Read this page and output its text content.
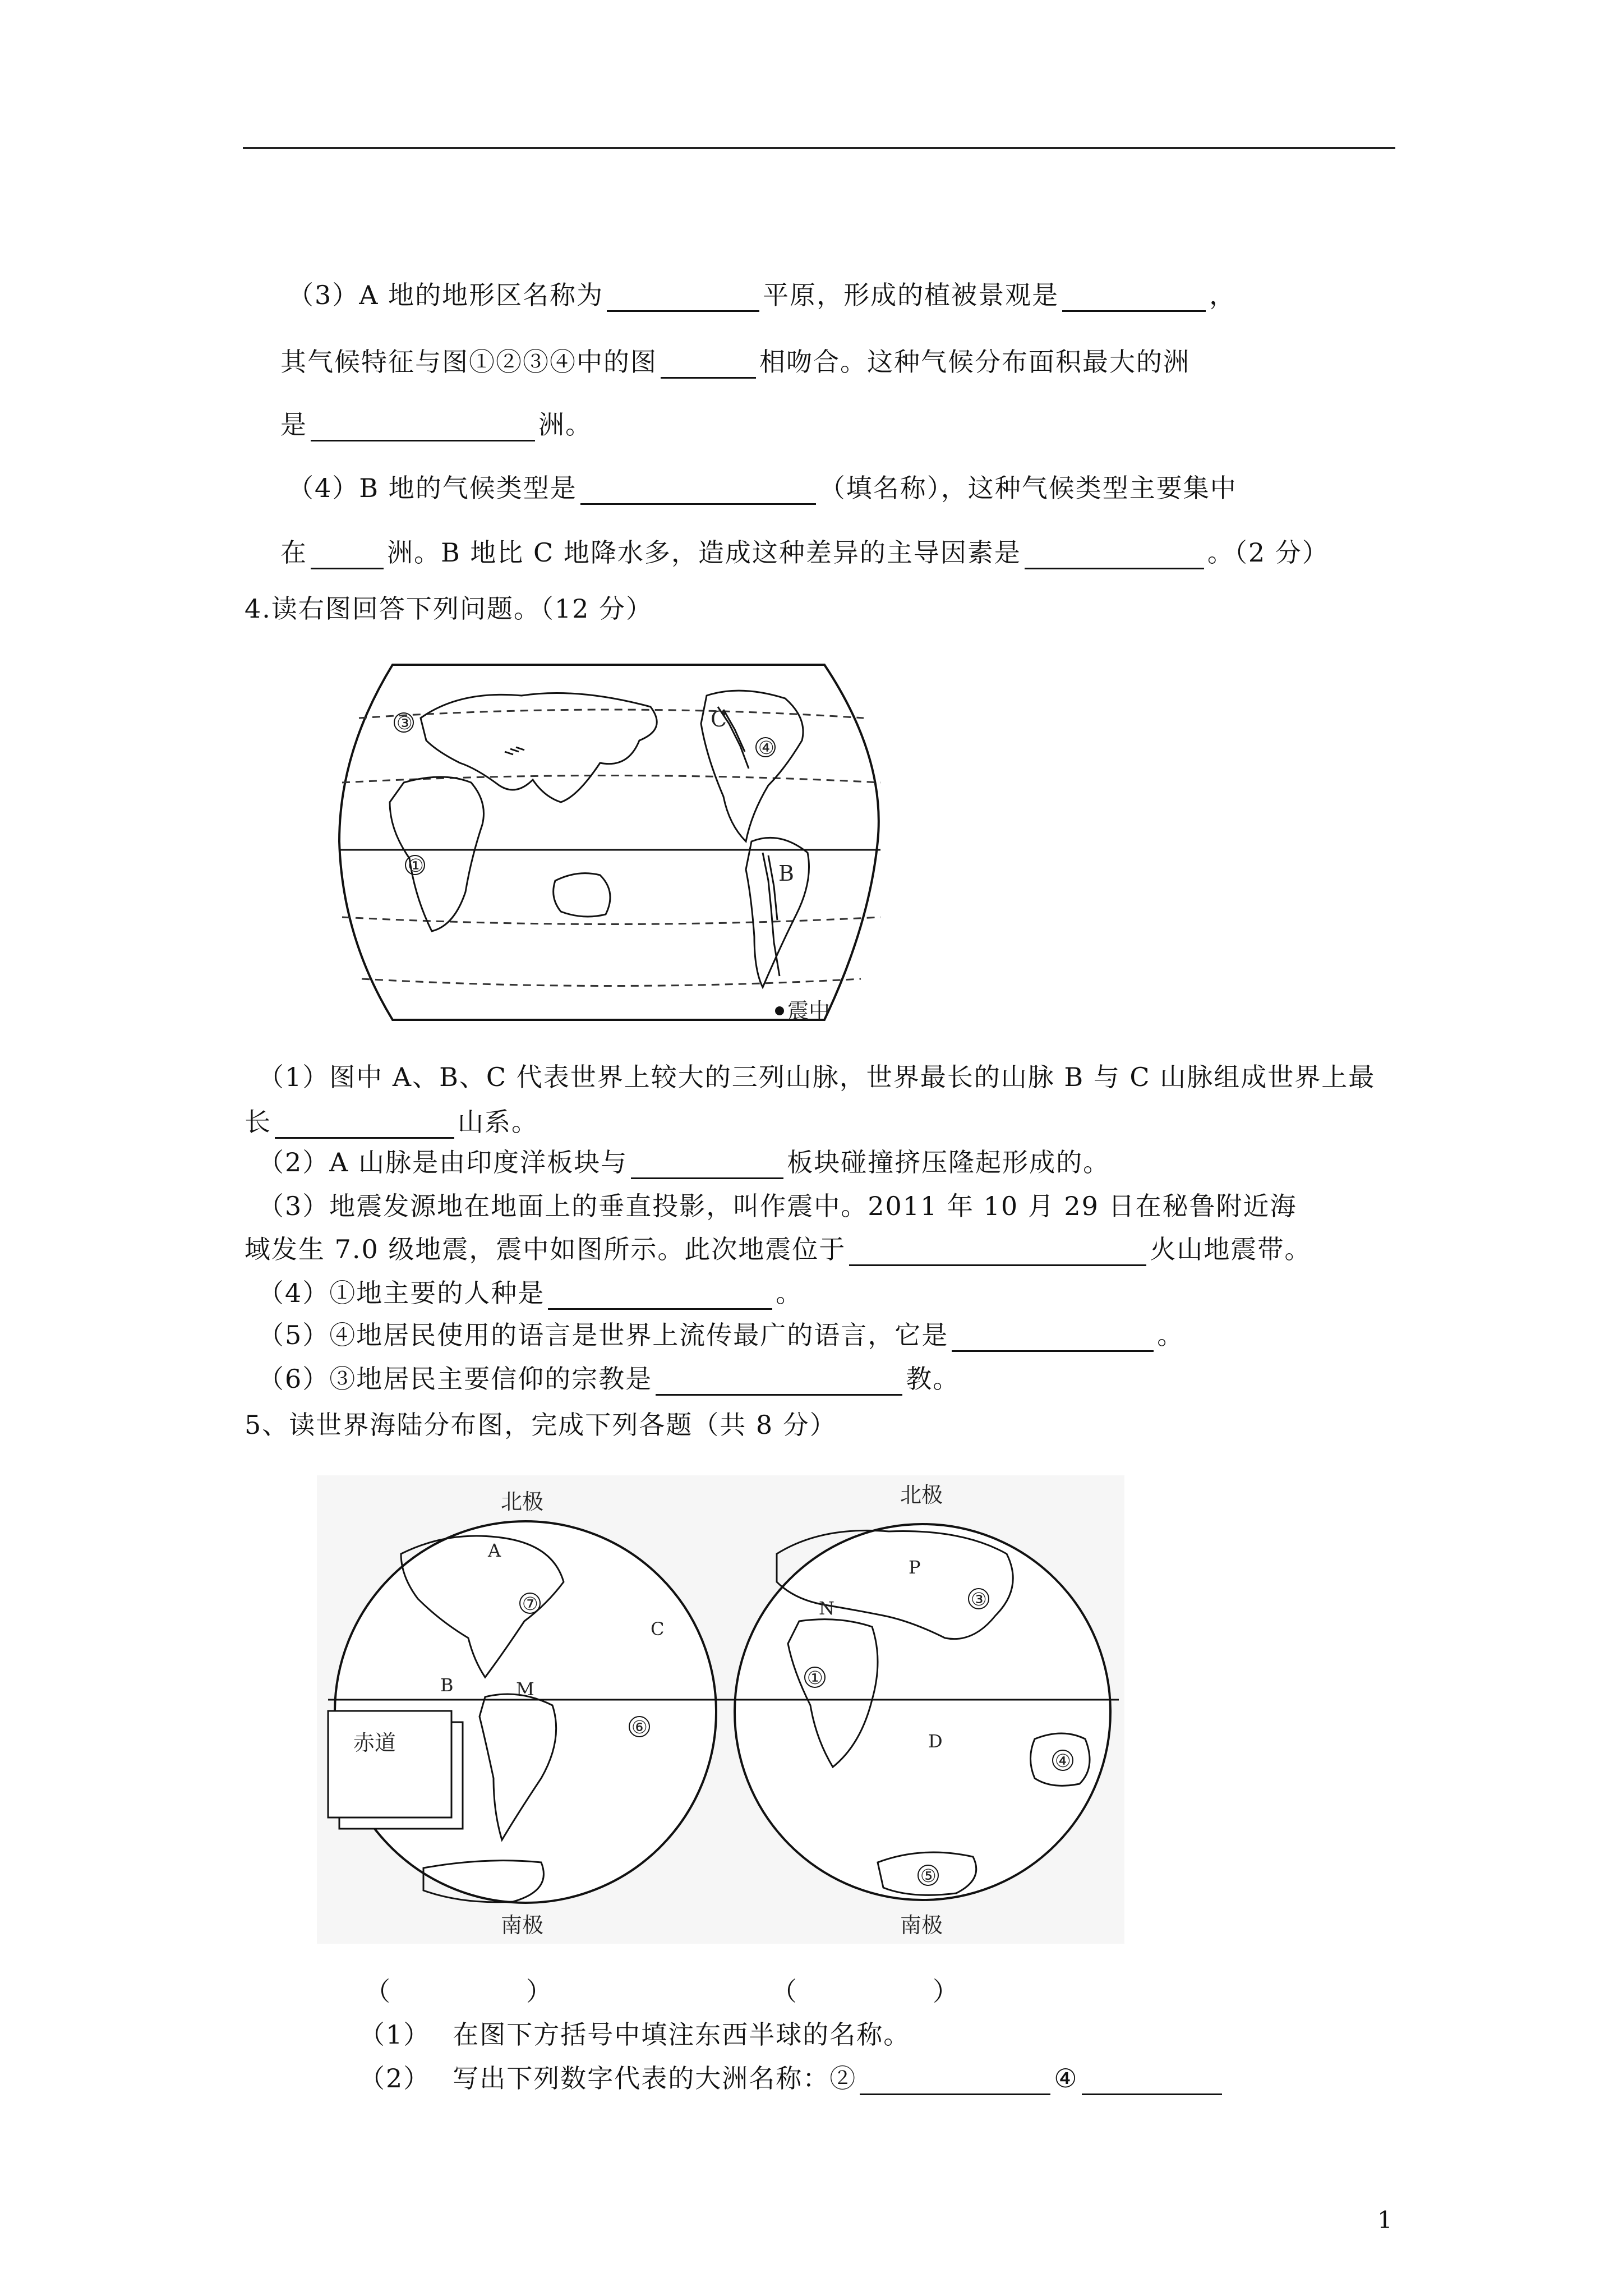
（3）A 地的地形区名称为	平原，形成的植被景观是	，
其气候特征与图①②③④中的图	相吻合。这种气候分布面积最大的洲
是	洲。
（4）B 地的气候类型是	（填名称），这种气候类型主要集中
在	洲。B 地比 C 地降水多，造成这种差异的主导因素是	。（2 分）
4.读右图回答下列问题。（12 分）
③	C
④
①	B
震中
（1）图中 A、B、C 代表世界上较大的三列山脉，世界最长的山脉 B 与 C 山脉组成世界上最
长	山系。
（2）A 山脉是由印度洋板块与	板块碰撞挤压隆起形成的。
（3）地震发源地在地面上的垂直投影，叫作震中。2011 年 10 月 29 日在秘鲁附近海
域发生 7.0 级地震，震中如图所示。此次地震位于	火山地震带。
（4）①地主要的人种是	。
（5）④地居民使用的语言是世界上流传最广的语言，它是	。
（6）③地居民主要信仰的宗教是	教。
5、读世界海陆分布图，完成下列各题（共 8 分）
北极	北极
南极	南极
A
B
C
M
N
P
D
⑦
⑥
③
①
④
⑤
赤道
（	）	（	）
（1） 在图下方括号中填注东西半球的名称。
（2） 写出下列数字代表的大洲名称：②	④
1
